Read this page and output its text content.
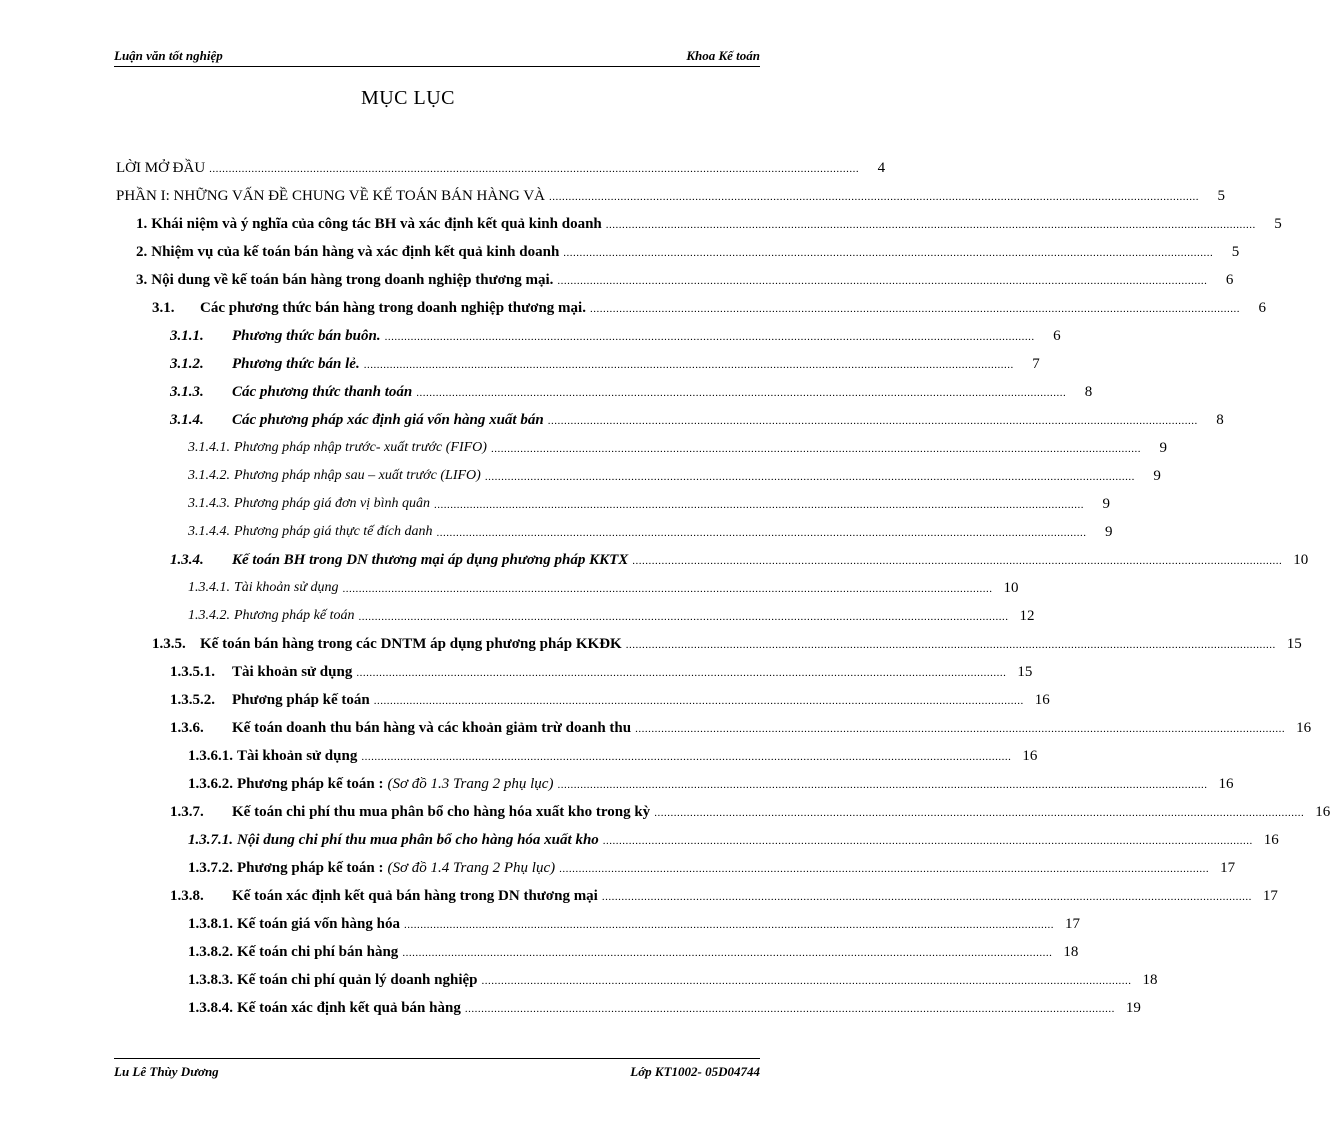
Luận văn tốt nghiệp	Khoa Kế toán
MỤC LỤC
LỜI MỞ ĐẦU ........................................................................................................................................................................................................	4
PHẦN I: NHỮNG VẤN ĐỀ CHUNG VỀ KẾ TOÁN BÁN HÀNG VÀ ........................................................................................................................................................................................................	5
1. Khái niệm và ý nghĩa của công tác BH và xác định kết quả kinh doanh ........................................................................................................................................................................................................	5
2. Nhiệm vụ của kế toán bán hàng và xác định kết quả kinh doanh ........................................................................................................................................................................................................	5
3. Nội dung về kế toán bán hàng trong doanh nghiệp thương mại. ........................................................................................................................................................................................................	6
3.1. Các phương thức bán hàng trong doanh nghiệp thương mại. ........................................................................................................................................................................................................	6
3.1.1. Phương thức bán buôn. ........................................................................................................................................................................................................	6
3.1.2. Phương thức bán lẻ. ........................................................................................................................................................................................................	7
3.1.3. Các phương thức thanh toán ........................................................................................................................................................................................................	8
3.1.4. Các phương pháp xác định giá vốn hàng xuất bán ........................................................................................................................................................................................................	8
3.1.4.1. Phương pháp nhập trước- xuất trước (FIFO) ........................................................................................................................................................................................................	9
3.1.4.2. Phương pháp nhập sau – xuất trước (LIFO) ........................................................................................................................................................................................................	9
3.1.4.3. Phương pháp giá đơn vị bình quân ........................................................................................................................................................................................................	9
3.1.4.4. Phương pháp giá thực tế đích danh ........................................................................................................................................................................................................	9
1.3.4. Kế toán BH trong DN thương mại áp dụng phương pháp KKTX ........................................................................................................................................................................................................ 10
1.3.4.1. Tài khoản sử dụng ........................................................................................................................................................................................................ 10
1.3.4.2. Phương pháp kế toán ........................................................................................................................................................................................................ 12
1.3.5. Kế toán bán hàng trong các DNTM áp dụng phương pháp KKĐK ........................................................................................................................................................................................................ 15
1.3.5.1. Tài khoản sử dụng ........................................................................................................................................................................................................ 15
1.3.5.2. Phương pháp kế toán ........................................................................................................................................................................................................ 16
1.3.6. Kế toán doanh thu bán hàng và các khoản giảm trừ doanh thu ........................................................................................................................................................................................................ 16
1.3.6.1. Tài khoản sử dụng ........................................................................................................................................................................................................ 16
1.3.6.2. Phương pháp kế toán : (Sơ đồ 1.3 Trang 2 phụ lục) ........................................................................................................................................................................................................ 16
1.3.7. Kế toán chi phí thu mua phân bổ cho hàng hóa xuất kho trong kỳ ........................................................................................................................................................................................................ 16
1.3.7.1. Nội dung chi phí thu mua phân bổ cho hàng hóa xuất kho ........................................................................................................................................................................................................ 16
1.3.7.2. Phương pháp kế toán : (Sơ đồ 1.4 Trang 2 Phụ lục) ........................................................................................................................................................................................................ 17
1.3.8. Kế toán xác định kết quả bán hàng trong DN thương mại ........................................................................................................................................................................................................ 17
1.3.8.1. Kế toán giá vốn hàng hóa ........................................................................................................................................................................................................ 17
1.3.8.2. Kế toán chi phí bán hàng ........................................................................................................................................................................................................ 18
1.3.8.3. Kế toán chi phí quản lý doanh nghiệp ........................................................................................................................................................................................................ 18
1.3.8.4. Kế toán xác định kết quả bán hàng ........................................................................................................................................................................................................ 19
Lu Lê Thùy Dương	Lớp KT1002- 05D04744
